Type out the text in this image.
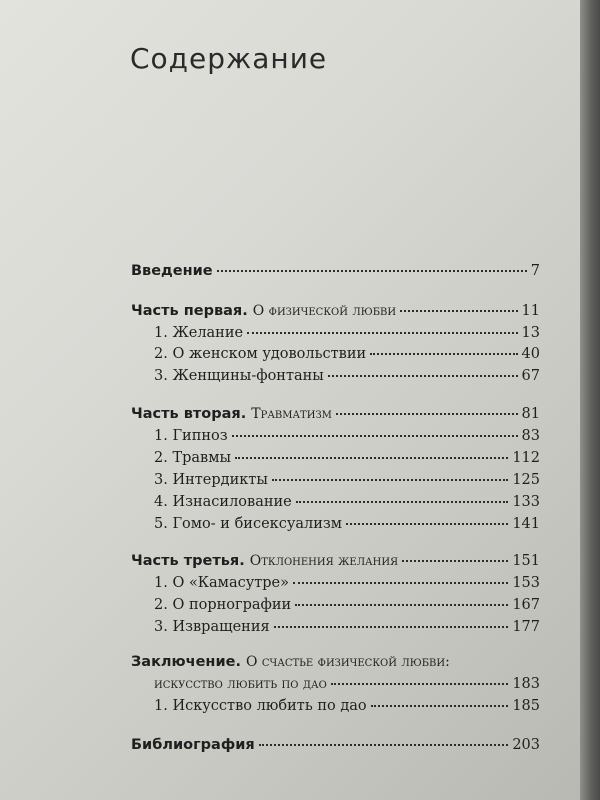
Содержание
Введение	7
Часть первая. О физической любви	11
1. Желание	13
2. О женском удовольствии	40
3. Женщины-фонтаны	67
Часть вторая. Травматизм	81
1. Гипноз	83
2. Травмы	112
3. Интердикты	125
4. Изнасилование	133
5. Гомо- и бисексуализм	141
Часть третья. Отклонения желания	151
1. О «Камасутре»	153
2. О порнографии	167
3. Извращения	177
Заключение. О счастье физической любви:
искусство любить по дао	183
1. Искусство любить по дао	185
Библиография	203
